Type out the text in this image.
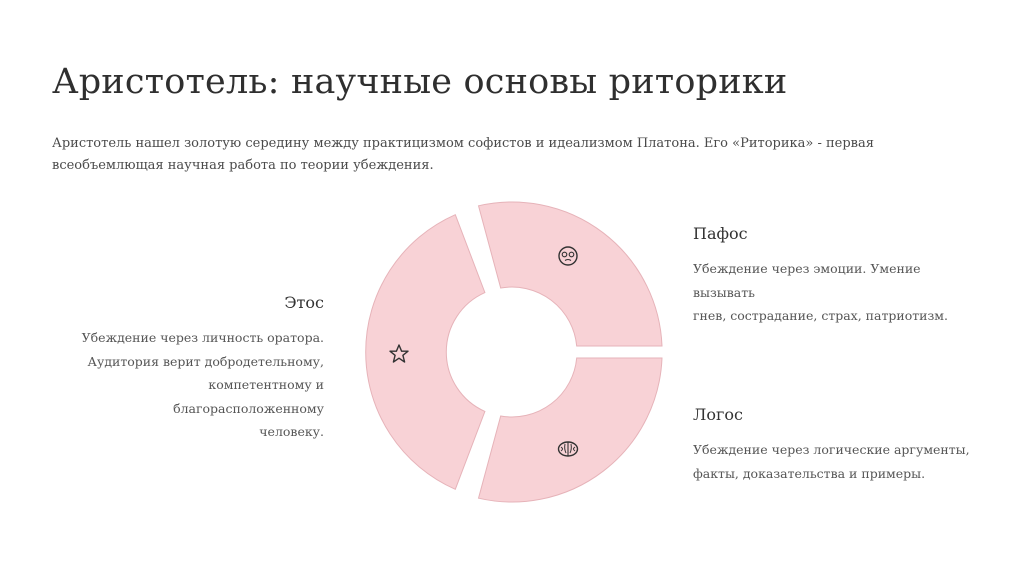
Аристотель: научные основы риторики
Аристотель нашел золотую середину между практицизмом софистов и идеализмом Платона. Его «Риторика» - первая всеобъемлющая научная работа по теории убеждения.
Этос

Убеждение через личность оратора.
Аудитория верит добродетельному,
компетентному и благорасположенному
человеку.

Пафос

Убеждение через эмоции. Умение вызывать
гнев, сострадание, страх, патриотизм.

Логос

Убеждение через логические аргументы,
факты, доказательства и примеры.
